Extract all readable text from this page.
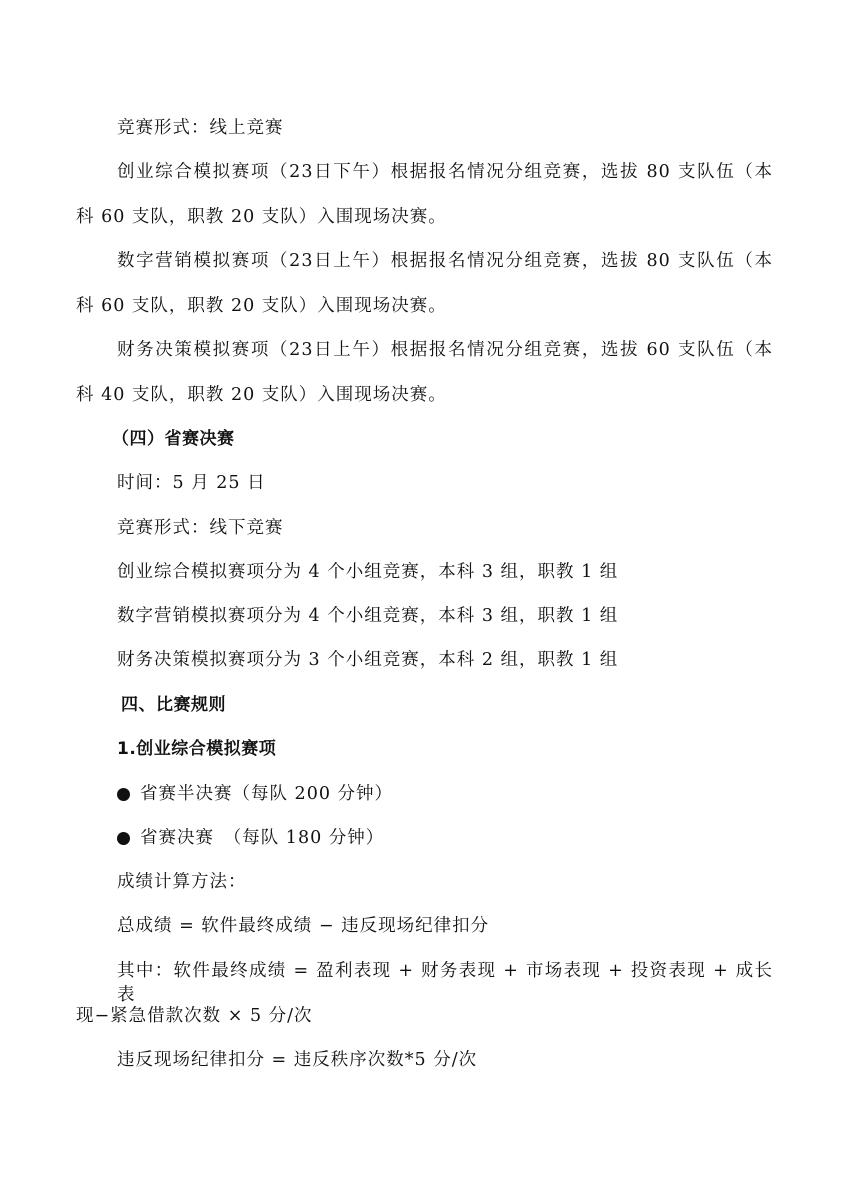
竞赛形式：线上竞赛
创业综合模拟赛项（23日下午）根据报名情况分组竞赛，选拔 80 支队伍（本
科 60 支队，职教 20 支队）入围现场决赛。
数字营销模拟赛项（23日上午）根据报名情况分组竞赛，选拔 80 支队伍（本
科 60 支队，职教 20 支队）入围现场决赛。
财务决策模拟赛项（23日上午）根据报名情况分组竞赛，选拔 60 支队伍（本
科 40 支队，职教 20 支队）入围现场决赛。
（四）省赛决赛
时间：5 月 25 日
竞赛形式：线下竞赛
创业综合模拟赛项分为 4 个小组竞赛，本科 3 组，职教 1 组
数字营销模拟赛项分为 4 个小组竞赛，本科 3 组，职教 1 组
财务决策模拟赛项分为 3 个小组竞赛，本科 2 组，职教 1 组
四、比赛规则
1.创业综合模拟赛项
省赛半决赛（每队 200 分钟）
省赛决赛　（每队 180 分钟）
成绩计算方法：
总成绩 = 软件最终成绩 − 违反现场纪律扣分
其中：软件最终成绩 = 盈利表现 + 财务表现 + 市场表现 + 投资表现 + 成长表
现−紧急借款次数 × 5 分/次
违反现场纪律扣分 = 违反秩序次数*5 分/次
